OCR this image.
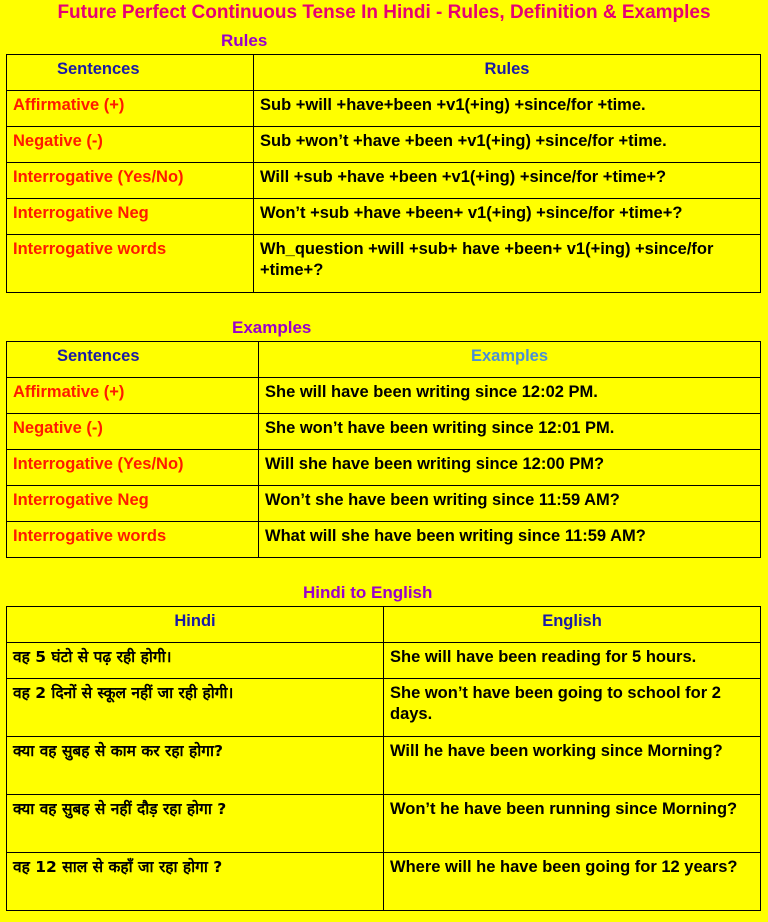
Future Perfect Continuous Tense In Hindi - Rules, Definition & Examples
Rules
Sentences	Rules
Affirmative (+)	Sub +will +have+been +v1(+ing) +since/for +time.
Negative (-)	Sub +won’t +have +been +v1(+ing) +since/for +time.
Interrogative (Yes/No)	Will +sub +have +been +v1(+ing) +since/for +time+?
Interrogative Neg	Won’t +sub +have +been+ v1(+ing) +since/for +time+?
Interrogative words	Wh_question +will +sub+ have +been+ v1(+ing) +since/for +time+?
Examples
Sentences	Examples
Affirmative (+)	She will have been writing since 12:02 PM.
Negative (-)	She won’t have been writing since 12:01 PM.
Interrogative (Yes/No)	Will she have been writing since 12:00 PM?
Interrogative Neg	Won’t she have been writing since 11:59 AM?
Interrogative words	What will she have been writing since 11:59 AM?
Hindi to English
Hindi	English
वह 5 घंटो से पढ़ रही होगी।	She will have been reading for 5 hours.
वह 2 दिनों से स्कूल नहीं जा रही होगी।	She won’t have been going to school for 2 days.
क्या वह सुबह से काम कर रहा होगा?	Will he have been working since Morning?
क्या वह सुबह से नहीं दौड़ रहा होगा ?	Won’t he have been running since Morning?
वह 12 साल से कहाँ जा रहा होगा ?	Where will he have been going for 12 years?
